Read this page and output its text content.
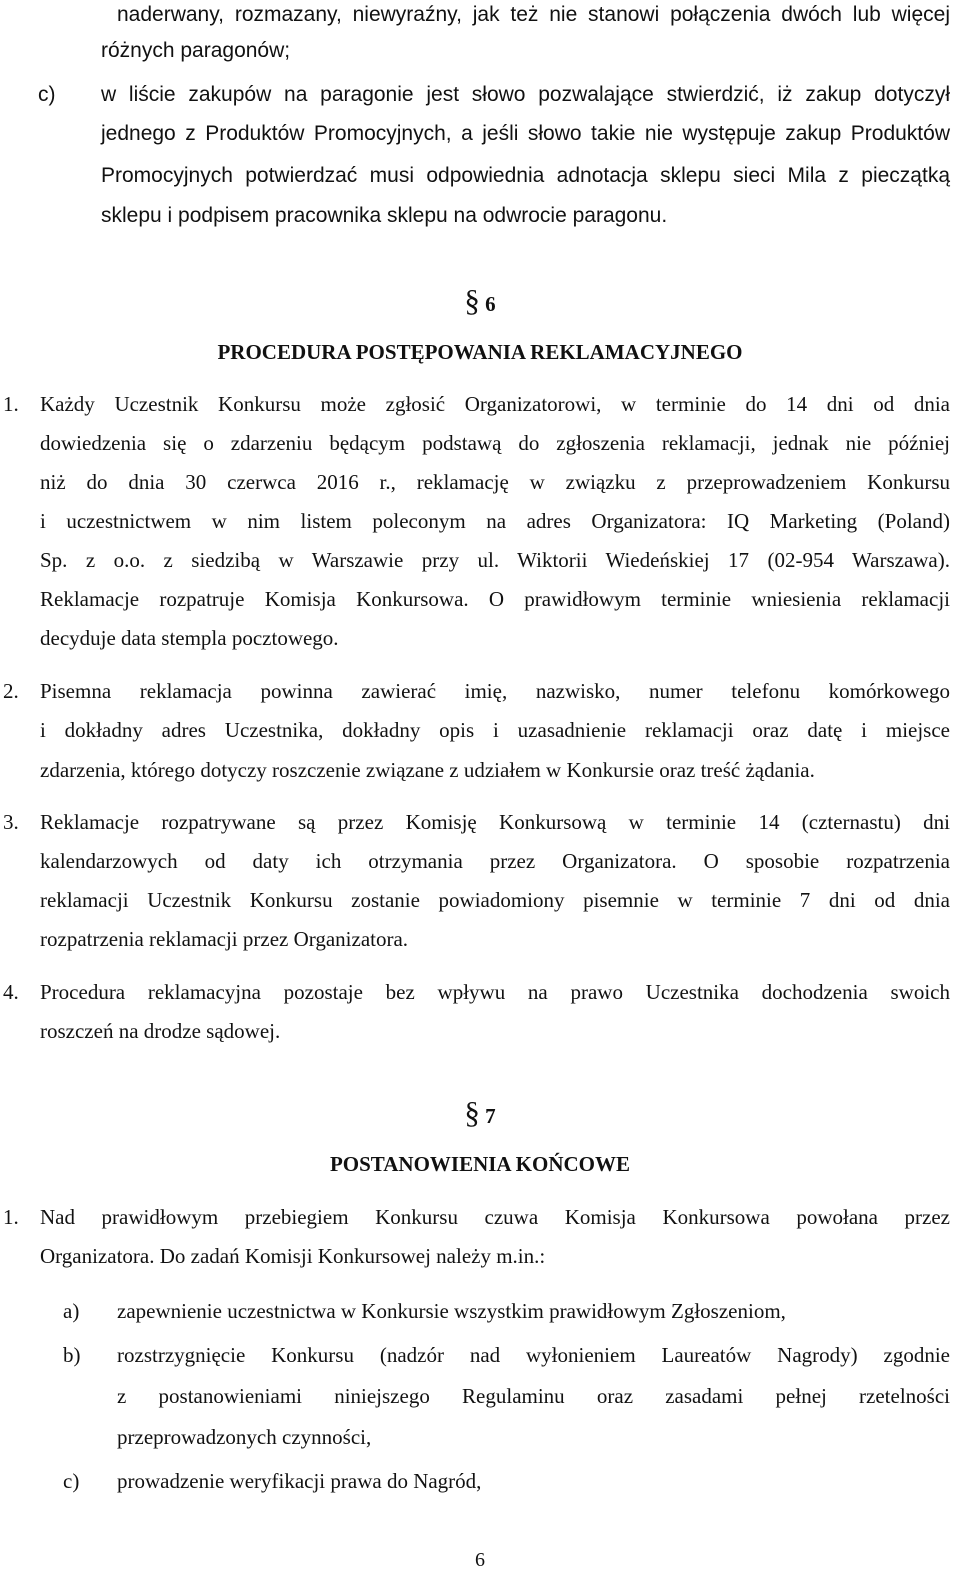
naderwany, rozmazany, niewyraźny, jak też nie stanowi połączenia dwóch lub więcej
różnych paragonów;
c) w liście zakupów na paragonie jest słowo pozwalające stwierdzić, iż zakup dotyczył
jednego z Produktów Promocyjnych, a jeśli słowo takie nie występuje zakup Produktów
Promocyjnych potwierdzać musi odpowiednia adnotacja sklepu sieci Mila z pieczątką
sklepu i podpisem pracownika sklepu na odwrocie paragonu.
§ 6
PROCEDURA POSTĘPOWANIA REKLAMACYJNEGO
1. Każdy Uczestnik Konkursu może zgłosić Organizatorowi, w terminie do 14 dni od dnia
dowiedzenia się o zdarzeniu będącym podstawą do zgłoszenia reklamacji, jednak nie później
niż do dnia 30 czerwca 2016 r., reklamację w związku z przeprowadzeniem Konkursu
i uczestnictwem w nim listem poleconym na adres Organizatora: IQ Marketing (Poland)
Sp. z o.o. z siedzibą w Warszawie przy ul. Wiktorii Wiedeńskiej 17 (02-954 Warszawa).
Reklamacje rozpatruje Komisja Konkursowa. O prawidłowym terminie wniesienia reklamacji
decyduje data stempla pocztowego.
2. Pisemna reklamacja powinna zawierać imię, nazwisko, numer telefonu komórkowego
i dokładny adres Uczestnika, dokładny opis i uzasadnienie reklamacji oraz datę i miejsce
zdarzenia, którego dotyczy roszczenie związane z udziałem w Konkursie oraz treść żądania.
3. Reklamacje rozpatrywane są przez Komisję Konkursową w terminie 14 (czternastu) dni
kalendarzowych od daty ich otrzymania przez Organizatora. O sposobie rozpatrzenia
reklamacji Uczestnik Konkursu zostanie powiadomiony pisemnie w terminie 7 dni od dnia
rozpatrzenia reklamacji przez Organizatora.
4. Procedura reklamacyjna pozostaje bez wpływu na prawo Uczestnika dochodzenia swoich
roszczeń na drodze sądowej.
§ 7
POSTANOWIENIA KOŃCOWE
1. Nad prawidłowym przebiegiem Konkursu czuwa Komisja Konkursowa powołana przez
Organizatora. Do zadań Komisji Konkursowej należy m.in.:
a) zapewnienie uczestnictwa w Konkursie wszystkim prawidłowym Zgłoszeniom,
b) rozstrzygnięcie Konkursu (nadzór nad wyłonieniem Laureatów Nagrody) zgodnie
z postanowieniami niniejszego Regulaminu oraz zasadami pełnej rzetelności
przeprowadzonych czynności,
c) prowadzenie weryfikacji prawa do Nagród,
6
